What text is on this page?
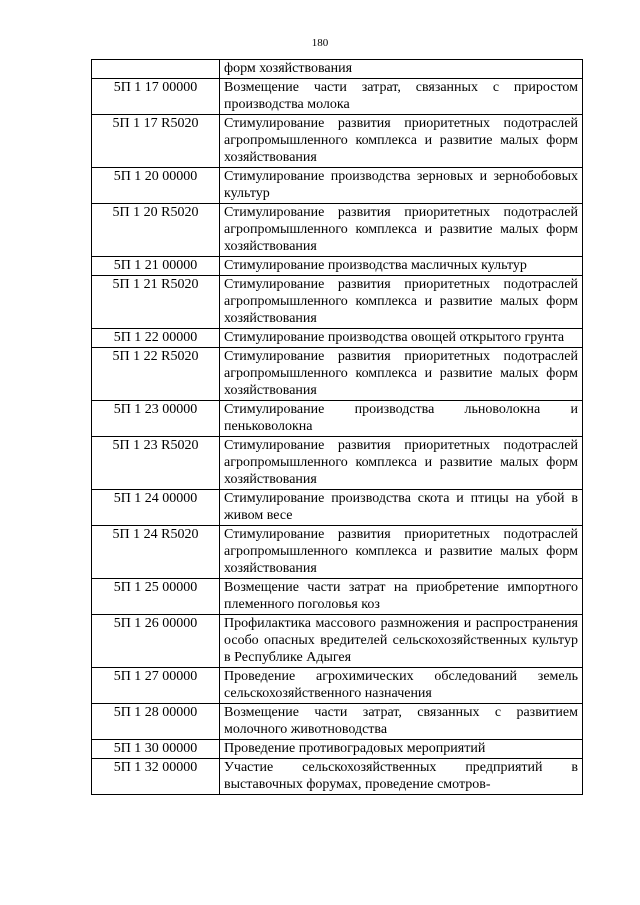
180
	форм хозяйствования
5П 1 17 00000	Возмещение части затрат, связанных с приростом производства молока
5П 1 17 R5020	Стимулирование развития приоритетных подотраслей агропромышленного комплекса и развитие малых форм хозяйствования
5П 1 20 00000	Стимулирование производства зерновых и зернобобовых культур
5П 1 20 R5020	Стимулирование развития приоритетных подотраслей агропромышленного комплекса и развитие малых форм хозяйствования
5П 1 21 00000	Стимулирование производства масличных культур
5П 1 21 R5020	Стимулирование развития приоритетных подотраслей агропромышленного комплекса и развитие малых форм хозяйствования
5П 1 22 00000	Стимулирование производства овощей открытого грунта
5П 1 22 R5020	Стимулирование развития приоритетных подотраслей агропромышленного комплекса и развитие малых форм хозяйствования
5П 1 23 00000	Стимулирование производства льноволокна и пеньковолокна
5П 1 23 R5020	Стимулирование развития приоритетных подотраслей агропромышленного комплекса и развитие малых форм хозяйствования
5П 1 24 00000	Стимулирование производства скота и птицы на убой в живом весе
5П 1 24 R5020	Стимулирование развития приоритетных подотраслей агропромышленного комплекса и развитие малых форм хозяйствования
5П 1 25 00000	Возмещение части затрат на приобретение импортного племенного поголовья коз
5П 1 26 00000	Профилактика массового размножения и распространения особо опасных вредителей сельскохозяйственных культур в Республике Адыгея
5П 1 27 00000	Проведение агрохимических обследований земель сельскохозяйственного назначения
5П 1 28 00000	Возмещение части затрат, связанных с развитием молочного животноводства
5П 1 30 00000	Проведение противоградовых мероприятий
5П 1 32 00000	Участие сельскохозяйственных предприятий в выставочных форумах, проведение смотров-
